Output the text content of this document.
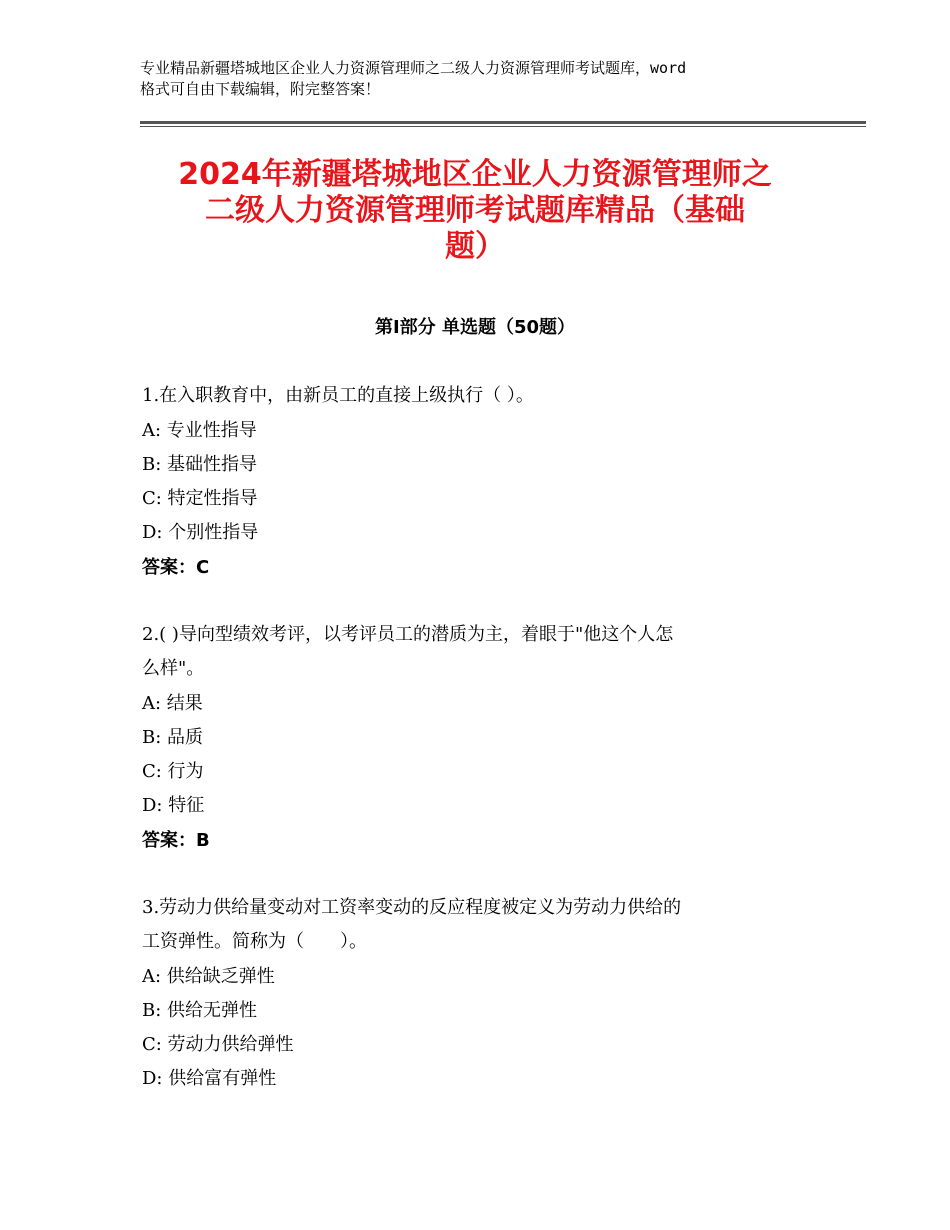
专业精品新疆塔城地区企业人力资源管理师之二级人力资源管理师考试题库，word
格式可自由下载编辑，附完整答案！
2024年新疆塔城地区企业人力资源管理师之
二级人力资源管理师考试题库精品（基础
题）
第Ⅰ部分 单选题（50题）
1.在入职教育中，由新员工的直接上级执行（ ）。
A: 专业性指导
B: 基础性指导
C: 特定性指导
D: 个别性指导
答案：C
2.( )导向型绩效考评，以考评员工的潜质为主，着眼于"他这个人怎
么样"。
A: 结果
B: 品质
C: 行为
D: 特征
答案：B
3.劳动力供给量变动对工资率变动的反应程度被定义为劳动力供给的
工资弹性。简称为（　　）。
A: 供给缺乏弹性
B: 供给无弹性
C: 劳动力供给弹性
D: 供给富有弹性
